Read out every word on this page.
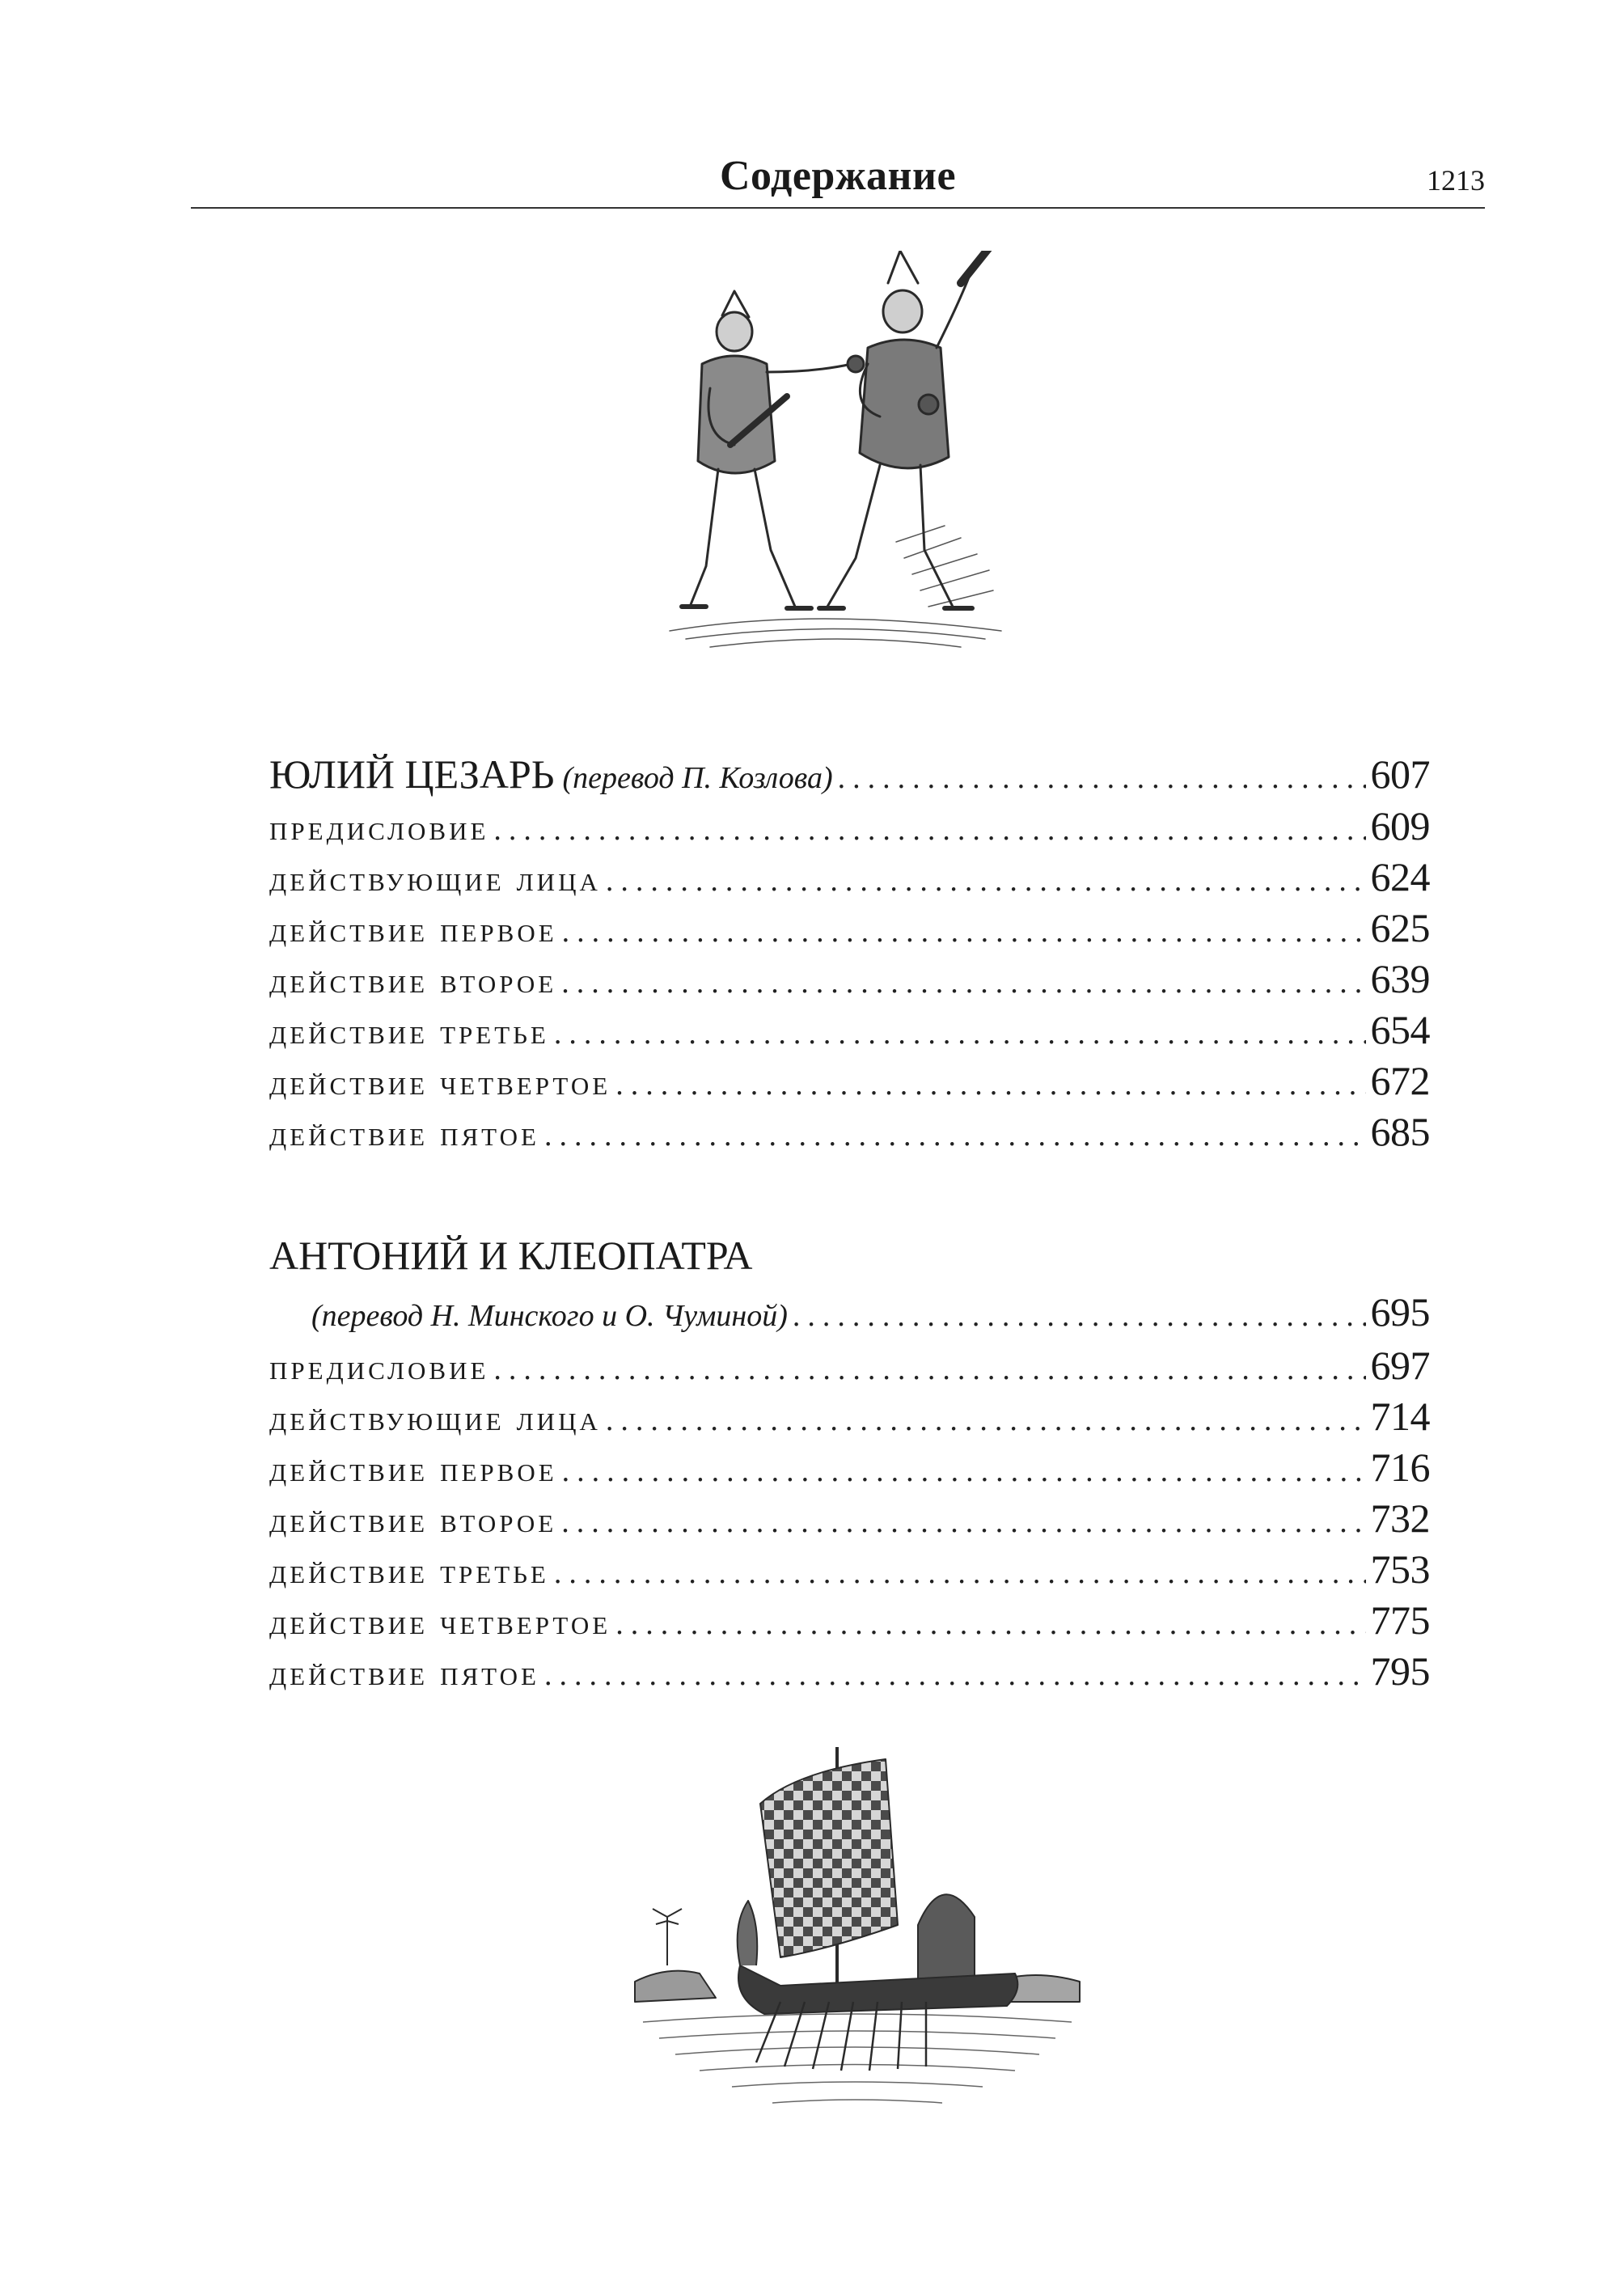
Содержание	1213
ЮЛИЙ ЦЕЗАРЬ (перевод П. Козлова) .....	607
предисловие .....	609
действующие лица .....	624
действие первое .....	625
действие второе .....	639
действие третье .....	654
действие четвертое .....	672
действие пятое .....	685
АНТОНИЙ И КЛЕОПАТРА
(перевод Н. Минского и О. Чуминой) .....	695
предисловие .....	697
действующие лица .....	714
действие первое .....	716
действие второе .....	732
действие третье .....	753
действие четвертое .....	775
действие пятое .....	795
